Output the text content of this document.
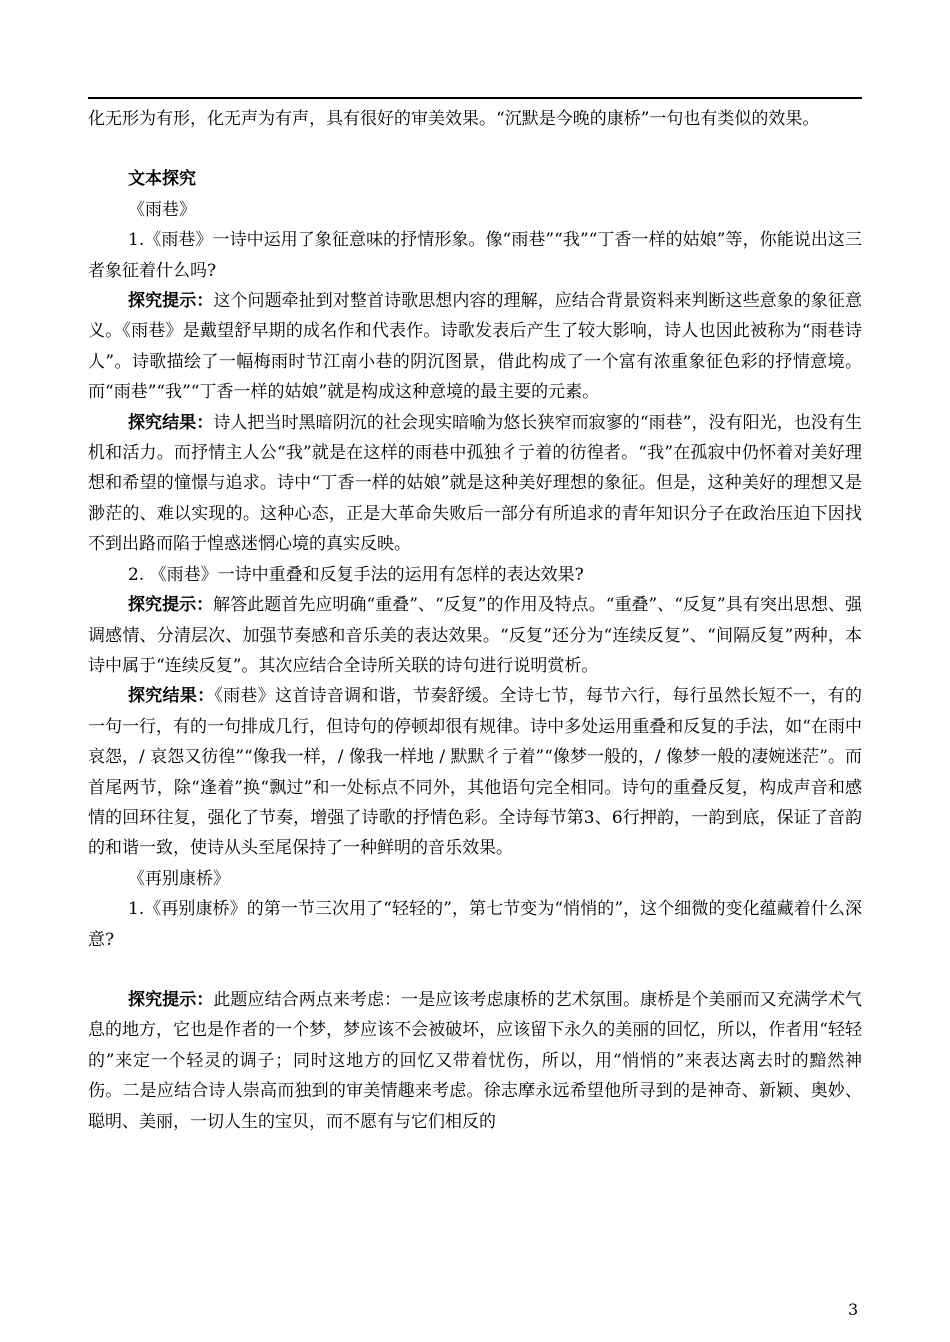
化无形为有形，化无声为有声，具有很好的审美效果。“沉默是今晚的康桥”一句也有类似的效果。

文本探究

《雨巷》

1.《雨巷》一诗中运用了象征意味的抒情形象。像“雨巷”“我”“丁香一样的姑娘”等，你能说出这三者象征着什么吗?

探究提示：这个问题牵扯到对整首诗歌思想内容的理解，应结合背景资料来判断这些意象的象征意义。《雨巷》是戴望舒早期的成名作和代表作。诗歌发表后产生了较大影响，诗人也因此被称为“雨巷诗人”。诗歌描绘了一幅梅雨时节江南小巷的阴沉图景，借此构成了一个富有浓重象征色彩的抒情意境。而“雨巷”“我”“丁香一样的姑娘”就是构成这种意境的最主要的元素。

探究结果：诗人把当时黑暗阴沉的社会现实暗喻为悠长狭窄而寂寥的“雨巷”，没有阳光，也没有生机和活力。而抒情主人公“我”就是在这样的雨巷中孤独彳亍着的彷徨者。“我”在孤寂中仍怀着对美好理想和希望的憧憬与追求。诗中“丁香一样的姑娘”就是这种美好理想的象征。但是，这种美好的理想又是渺茫的、难以实现的。这种心态，正是大革命失败后一部分有所追求的青年知识分子在政治压迫下因找不到出路而陷于惶惑迷惘心境的真实反映。

2. 《雨巷》一诗中重叠和反复手法的运用有怎样的表达效果?

探究提示：解答此题首先应明确“重叠”、“反复”的作用及特点。“重叠”、“反复”具有突出思想、强调感情、分清层次、加强节奏感和音乐美的表达效果。“反复”还分为“连续反复”、“间隔反复”两种，本诗中属于“连续反复”。其次应结合全诗所关联的诗句进行说明赏析。

探究结果：《雨巷》这首诗音调和谐，节奏舒缓。全诗七节，每节六行，每行虽然长短不一，有的一句一行，有的一句排成几行，但诗句的停顿却很有规律。诗中多处运用重叠和反复的手法，如“在雨中哀怨，/ 哀怨又彷徨”“像我一样，/ 像我一样地 / 默默彳亍着”“像梦一般的，/ 像梦一般的凄婉迷茫”。而首尾两节，除“逢着”换“飘过”和一处标点不同外，其他语句完全相同。诗句的重叠反复，构成声音和感情的回环往复，强化了节奏，增强了诗歌的抒情色彩。全诗每节第3、6行押韵，一韵到底，保证了音韵的和谐一致，使诗从头至尾保持了一种鲜明的音乐效果。

《再别康桥》

1.《再别康桥》的第一节三次用了“轻轻的”，第七节变为“悄悄的”，这个细微的变化蕴藏着什么深意?

探究提示：此题应结合两点来考虑：一是应该考虑康桥的艺术氛围。康桥是个美丽而又充满学术气息的地方，它也是作者的一个梦，梦应该不会被破坏，应该留下永久的美丽的回忆，所以，作者用“轻轻的”来定一个轻灵的调子；同时这地方的回忆又带着忧伤，所以，用“悄悄的”来表达离去时的黯然神伤。二是应结合诗人崇高而独到的审美情趣来考虑。徐志摩永远希望他所寻到的是神奇、新颖、奥妙、聪明、美丽，一切人生的宝贝，而不愿有与它们相反的

3
